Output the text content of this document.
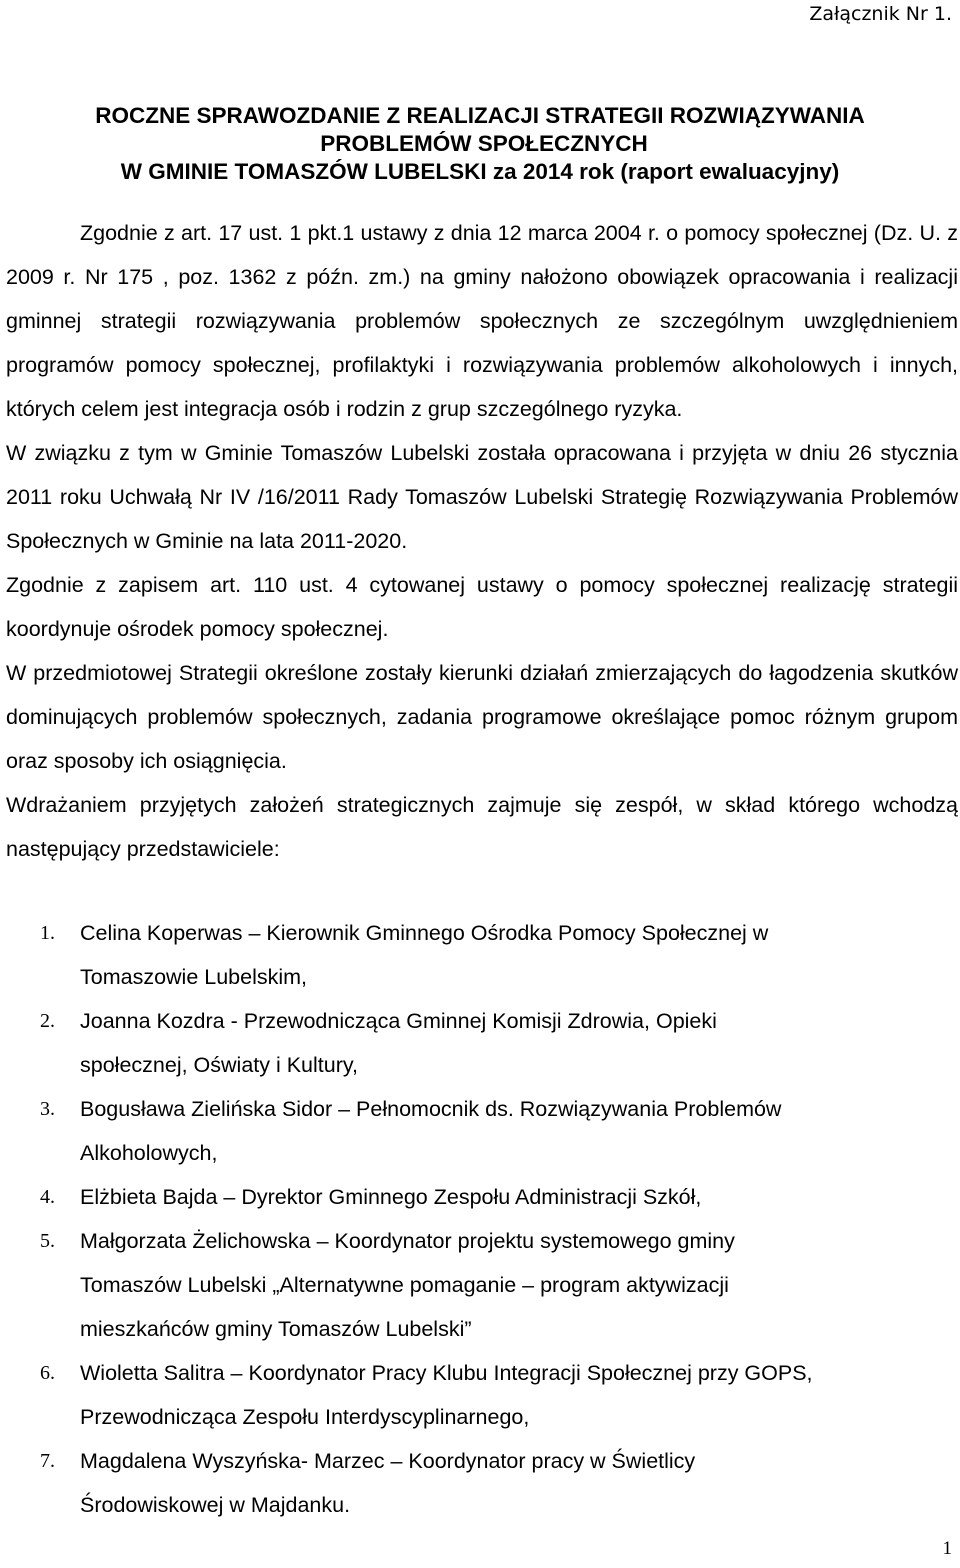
Załącznik Nr 1.
ROCZNE SPRAWOZDANIE Z REALIZACJI STRATEGII ROZWIĄZYWANIA
PROBLEMÓW SPOŁECZNYCH
W GMINIE TOMASZÓW LUBELSKI za 2014 rok (raport ewaluacyjny)

Zgodnie z art. 17 ust. 1 pkt.1 ustawy z dnia 12 marca 2004 r. o pomocy społecznej (Dz. U. z 2009 r. Nr 175 , poz. 1362 z późn. zm.) na gminy nałożono obowiązek opracowania i realizacji gminnej strategii rozwiązywania problemów społecznych ze szczególnym uwzględnieniem programów pomocy społecznej, profilaktyki i rozwiązywania problemów alkoholowych i innych, których celem jest integracja osób i rodzin z grup szczególnego ryzyka.

W związku z tym w Gminie Tomaszów Lubelski została opracowana i przyjęta w dniu 26 stycznia 2011 roku Uchwałą Nr IV /16/2011 Rady Tomaszów Lubelski Strategię Rozwiązywania Problemów Społecznych w Gminie na lata 2011-2020.

Zgodnie z zapisem art. 110 ust. 4 cytowanej ustawy o pomocy społecznej realizację strategii koordynuje ośrodek pomocy społecznej.

W przedmiotowej Strategii określone zostały kierunki działań zmierzających do łagodzenia skutków dominujących problemów społecznych, zadania programowe określające pomoc różnym grupom oraz sposoby ich osiągnięcia.

Wdrażaniem przyjętych założeń strategicznych zajmuje się zespół, w skład którego wchodzą następujący przedstawiciele:

1. Celina Koperwas – Kierownik Gminnego Ośrodka Pomocy Społecznej w
Tomaszowie Lubelskim,
2. Joanna Kozdra - Przewodnicząca Gminnej Komisji Zdrowia, Opieki
społecznej, Oświaty i Kultury,
3. Bogusława Zielińska Sidor – Pełnomocnik ds. Rozwiązywania Problemów
Alkoholowych,
4. Elżbieta Bajda – Dyrektor Gminnego Zespołu Administracji Szkół,
5. Małgorzata Żelichowska – Koordynator projektu systemowego gminy
Tomaszów Lubelski „Alternatywne pomaganie – program aktywizacji
mieszkańców gminy Tomaszów Lubelski”
6. Wioletta Salitra – Koordynator Pracy Klubu Integracji Społecznej przy GOPS,
Przewodnicząca Zespołu Interdyscyplinarnego,
7. Magdalena Wyszyńska- Marzec – Koordynator pracy w Świetlicy
Środowiskowej w Majdanku.
1
